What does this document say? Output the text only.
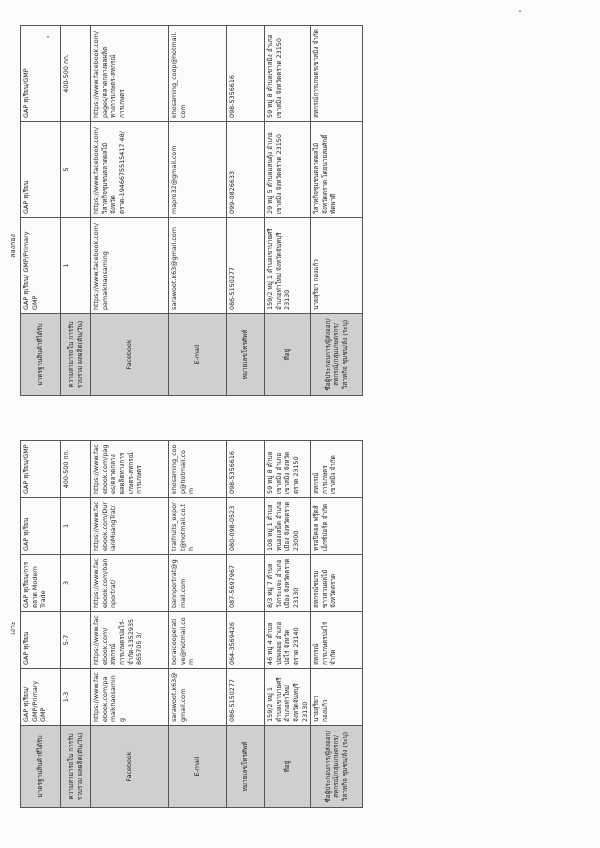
เงาะ
มาตรฐานสินค้าที่ได้รับ	GAP ทุเรียน/ GMP/Primary GMP	GAP ทุเรียน	GAP ทุเรียน/การตลาด Modern Trade	GAP ทุเรียน	GAP ทุเรียน/GMP
ความสามารถใน การรับรวบรวม ผลผลิต(ตัน/วัน)	1-3	5-7	3	1	400-500 กก.
Facebook	https://www.facebook.com/pamaikhaosaming	https://www.facebook.com/สหกรณ์การเกษตรบ่อไร่-จำกัด-1352935865705 3/	https://www.facebook.com/bannportrat/	https://www.facebook.com/DurianMuangTrat/	https://www.facebook.com/pages/ตลาดกลางผลผลิตทางการเกษตร-สหกรณ์การเกษตร
E-mail	sarawoot.k63@gmail.com	boraicooperative@hotmail.com	bannportrat@gmail.com	tralfruits_export@hotmail.co.th	khosaming_coop@hotmail.com
หมายเลขโทรศัพท์	086-5150277	064-3569426	087-5697967	080-098-0523	098-5356616
ที่อยู่	159/2 หมู่ 1 ตำบลเขาบายศรี อำเภอท่าใหม่ จังหวัดจันทบุรี 23130	46 หมู่ 4 ตำบลบ่อพลอย อำเภอบ่อไร่ จังหวัดตราด 23140	8/3 หมู่ 7 ตำบลวังกระแจะ อำเภอเมือง จังหวัดตราด 23130	108 หมู่ 1 ตำบลหนองเสม็ด อำเภอเมือง จังหวัดตราด 23000	59 หมู่ 8 ตำบลเขาสมิง อำเภอเขาสมิง จังหวัดตราด 23150
ชื่อผู้ประกอบการ/ผู้ส่งออก/ สหกรณ์/กลุ่มเกษตรกร/วิสาหกิจ ชุมชน/ล้ง (ระบุ)	นายสุริยา กองแก้ว	สหกรณ์การเกษตรบ่อไร่ จำกัด	สหกรณ์ชมรมชาวสวนผลไม้ จังหวัดตราด	ทรอปิคอล ฟรุ๊ตส์ เอ็กซ์ปอร์ต จำกัด	สหกรณ์การเกษตรเขาสมิง จำกัด
ลองกอง
มาตรฐานสินค้าที่ได้รับ	GAP ทุเรียน/ GMP/Primary GMP	GAP ทุเรียน	GAP ทุเรียน/GMP
ความสามารถใน การรับรวบรวม ผลผลิต(ตัน/วัน)	1	5	400-500 กก.
Facebook	https://www.facebook.com/pamaikhaosaming	https://www.facebook.com/วิสาหกิจชุมชนตลาดผลไม้จังหวัดตราด-1946675515417 48/	https://www.facebook.com/pages/ตลาดกลางผลผลิตทางการเกษตร-สหกรณ์การเกษตร
E-mail	sarawoot.k63@gmail.com	mapro32@gmail.com	khosaming_coop@hotmail.com
หมายเลขโทรศัพท์	086-5150277	099-0826633	098-5356616
ที่อยู่	159/2 หมู่ 1 ตำบลเขาบายศรี อำเภอท่าใหม่ จังหวัดจันทบุรี 23130	29 หมู่ 5 ตำบลแสนตุ้ง อำเภอเขาสมิง จังหวัดตราด 23150	59 หมู่ 8 ตำบลเขาสมิง อำเภอเขาสมิง จังหวัดตราด 23150
ชื่อผู้ประกอบการ/ผู้ส่งออก/ สหกรณ์/กลุ่มเกษตรกร/วิสาหกิจ ชุมชน/ล้ง (ระบุ)	นายสุริยา กองแก้ว	วิสาหกิจชุมชนตลาดผลไม้จังหวัดตราด โดยนายสมศักดิ์ พัดพาดี	สหกรณ์การเกษตรเขาสมิง จำกัด
